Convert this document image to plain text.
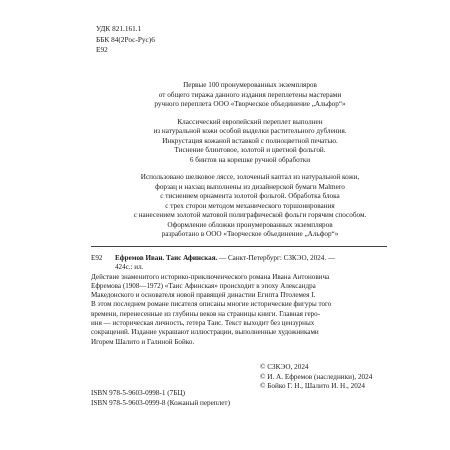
УДК 821.161.1
ББК 84(2Рос-Рус)6
Е92
Первые 100 пронумерованных экземпляров
от общего тиража данного издания переплетены мастерами
ручного переплета ООО «Творческое объединение „Альфор“»
Классический европейский переплет выполнен
из натуральной кожи особой выделки растительного дубления.
Инкрустация кожаной вставкой с полноцветной печатью.
Тиснение блинтовое, золотой и цветной фольгой.
6 бинтов на корешке ручной обработки
Использовано шелковое ляссе, золоченый каптал из натуральной кожи,
форзац и нахзац выполнены из дизайнерской бумаги Malmero
с тиснением орнамента золотой фольгой. Обработка блока
с трех сторон методом механического торшонирования
с нанесением золотой матовой полиграфической фольги горячим способом.
Оформление обложки пронумерованных экземпляров
разработано в ООО «Творческое объединение „Альфор“»
Е92	Ефремов Иван. Таис Афинская. — Санкт-Петербург: СЗКЭО, 2024. —
424с.: ил.
Действие знаменитого историко-приключенческого романа Ивана Антоновича
Ефремова (1908—1972) «Таис Афинская» происходит в эпоху Александра
Македонского и основателя новой правящей династии Египта Птолемея I.
В этом последнем романе писателя описаны многие исторические фигуры того
времени, перенесенные из глубины веков на страницы книги. Главная геро-
иня — историческая личность, гетера Таис. Текст выходит без цензурных
сокращений. Издание украшают иллюстрации, выполненные художниками
Игорем Шалито и Галиной Бойко.
© СЗКЭО, 2024
© И. А. Ефремов (наследники), 2024
© Бойко Г. Н., Шалито И. Н., 2024
ISBN 978-5-9603-0998-1 (7БЦ)
ISBN 978-5-9603-0999-8 (Кожаный переплет)
